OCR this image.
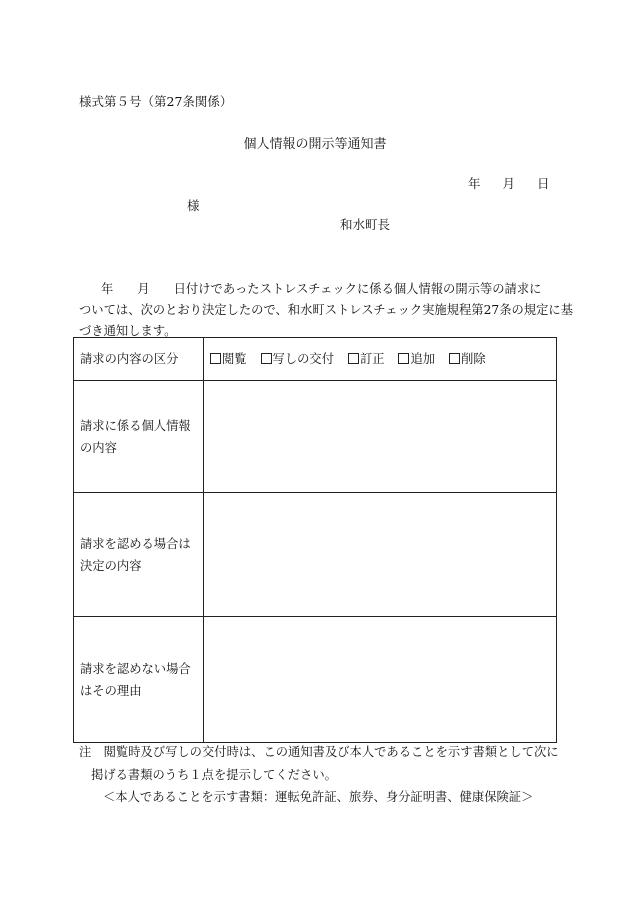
様式第５号（第27条関係）
個人情報の開示等通知書
年 月 日
様
和水町長
年 月 日付けであったストレスチェックに係る個人情報の開示等の請求に
ついては、次のとおり決定したので、和水町ストレスチェック実施規程第27条の規定に基
づき通知します。
請求の内容の区分	閲覧 写しの交付 訂正 追加 削除

請求に係る個人情報
の内容	

請求を認める場合は
決定の内容	

請求を認めない場合
はその理由	

注　閲覧時及び写しの交付時は、この通知書及び本人であることを示す書類として次に
掲げる書類のうち１点を提示してください。
＜本人であることを示す書類：運転免許証、旅券、身分証明書、健康保険証＞
